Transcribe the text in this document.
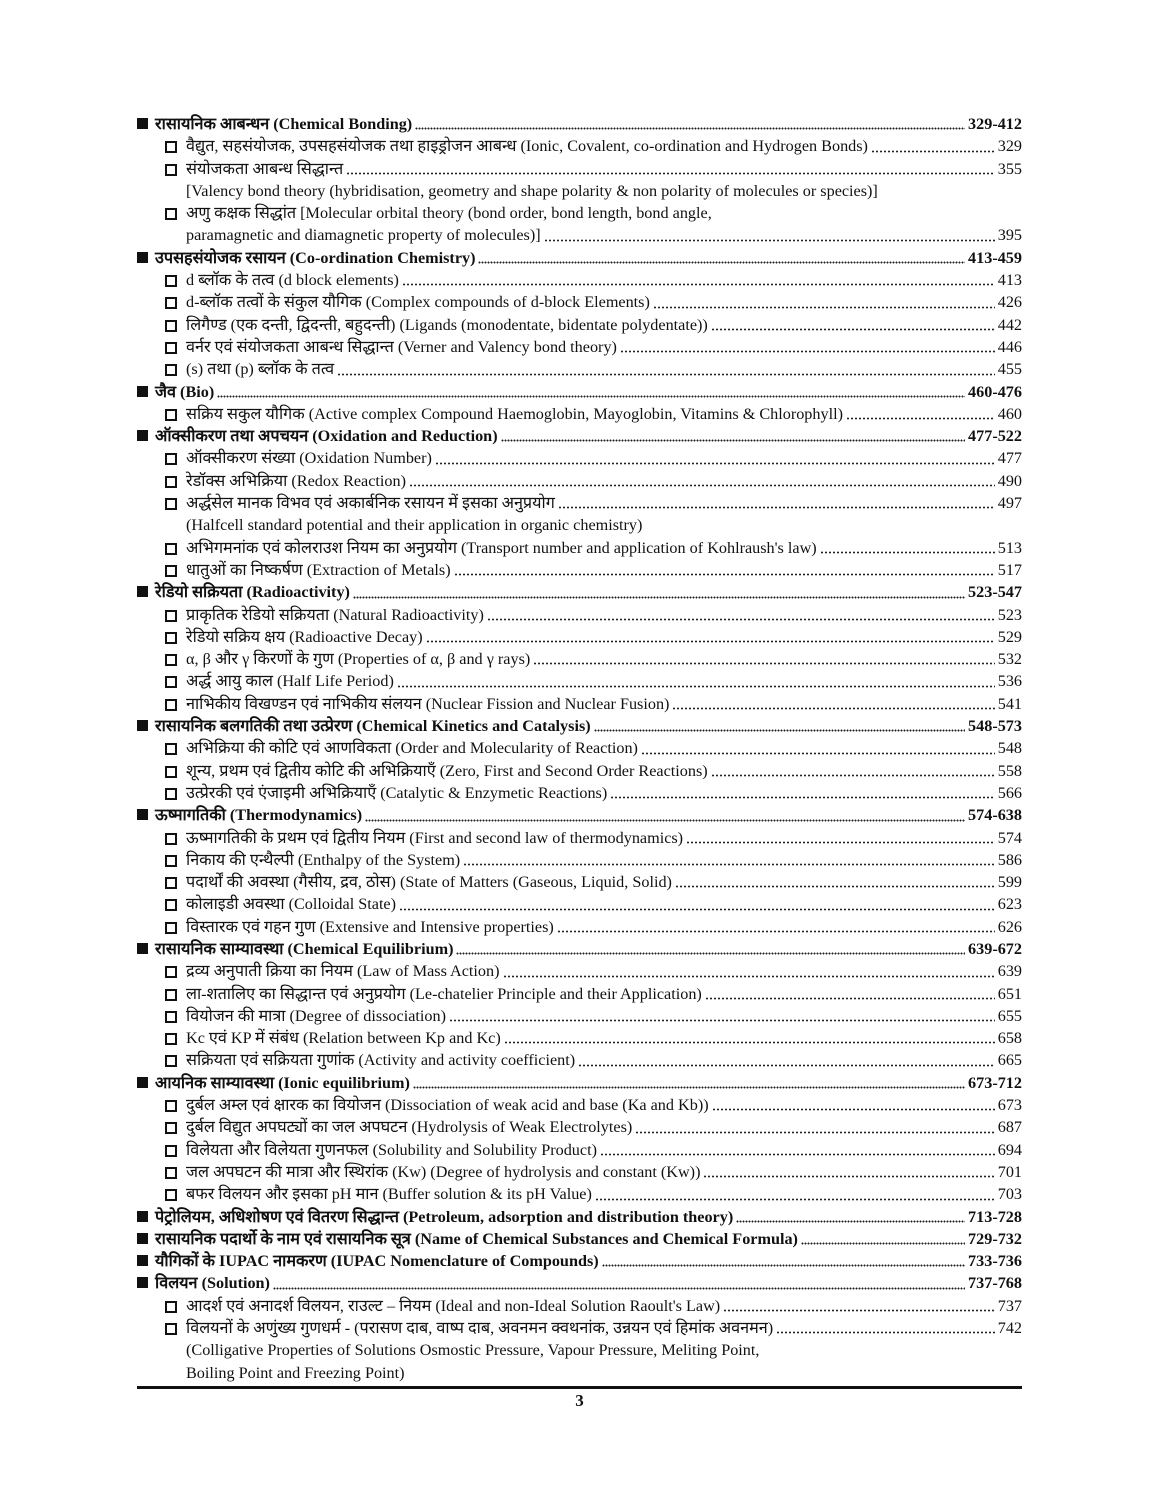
रासायनिक आबन्धन (Chemical Bonding)	329-412
वैद्युत, सहसंयोजक, उपसहसंयोजक तथा हाइड्रोजन आबन्ध (Ionic, Covalent, co-ordination and Hydrogen Bonds)	329
संयोजकता आबन्ध सिद्धान्त	355
[Valency bond theory (hybridisation, geometry and shape polarity & non polarity of molecules or species)]
अणु कक्षक सिद्धांत [Molecular orbital theory (bond order, bond length, bond angle,
paramagnetic and diamagnetic property of molecules)]	395
उपसहसंयोजक रसायन (Co-ordination Chemistry)	413-459
d ब्लॉक के तत्व (d block elements)	413
d-ब्लॉक तत्वों के संकुल यौगिक (Complex compounds of d-block Elements)	426
लिगैण्ड (एक दन्ती, द्विदन्ती, बहुदन्ती) (Ligands (monodentate, bidentate polydentate))	442
वर्नर एवं संयोजकता आबन्ध सिद्धान्त (Verner and Valency bond theory)	446
(s) तथा (p) ब्लॉक के तत्व	455
जैव (Bio)	460-476
सक्रिय सकुल यौगिक (Active complex Compound Haemoglobin, Mayoglobin, Vitamins & Chlorophyll)	460
ऑक्सीकरण तथा अपचयन (Oxidation and Reduction)	477-522
ऑक्सीकरण संख्या (Oxidation Number)	477
रेडॉक्स अभिक्रिया (Redox Reaction)	490
अर्द्धसेल मानक विभव एवं अकार्बनिक रसायन में इसका अनुप्रयोग	497
(Halfcell standard potential and their application in organic chemistry)
अभिगमनांक एवं कोलराउश नियम का अनुप्रयोग (Transport number and application of Kohlraush's law)	513
धातुओं का निष्कर्षण (Extraction of Metals)	517
रेडियो सक्रियता (Radioactivity)	523-547
प्राकृतिक रेडियो सक्रियता (Natural Radioactivity)	523
रेडियो सक्रिय क्षय (Radioactive Decay)	529
α, β और γ किरणों के गुण (Properties of α, β and γ rays)	532
अर्द्ध आयु काल (Half Life Period)	536
नाभिकीय विखण्डन एवं नाभिकीय संलयन (Nuclear Fission and Nuclear Fusion)	541
रासायनिक बलगतिकी तथा उत्प्रेरण (Chemical Kinetics and Catalysis)	548-573
अभिक्रिया की कोटि एवं आणविकता (Order and Molecularity of Reaction)	548
शून्य, प्रथम एवं द्वितीय कोटि की अभिक्रियाएँ (Zero, First and Second Order Reactions)	558
उत्प्रेरकी एवं एंजाइमी अभिक्रियाएँ (Catalytic & Enzymetic Reactions)	566
ऊष्मागतिकी (Thermodynamics)	574-638
ऊष्मागतिकी के प्रथम एवं द्वितीय नियम (First and second law of thermodynamics)	574
निकाय की एन्थैल्पी (Enthalpy of the System)	586
पदार्थों की अवस्था (गैसीय, द्रव, ठोस) (State of Matters (Gaseous, Liquid, Solid)	599
कोलाइडी अवस्था (Colloidal State)	623
विस्तारक एवं गहन गुण (Extensive and Intensive properties)	626
रासायनिक साम्यावस्था (Chemical Equilibrium)	639-672
द्रव्य अनुपाती क्रिया का नियम (Law of Mass Action)	639
ला-शतालिए का सिद्धान्त एवं अनुप्रयोग (Le-chatelier Principle and their Application)	651
वियोजन की मात्रा (Degree of dissociation)	655
Kc एवं KP में संबंध (Relation between Kp and Kc)	658
सक्रियता एवं सक्रियता गुणांक (Activity and activity coefficient)	665
आयनिक साम्यावस्था (Ionic equilibrium)	673-712
दुर्बल अम्ल एवं क्षारक का वियोजन (Dissociation of weak acid and base (Ka and Kb))	673
दुर्बल विद्युत अपघट्यों का जल अपघटन (Hydrolysis of Weak Electrolytes)	687
विलेयता और विलेयता गुणनफल (Solubility and Solubility Product)	694
जल अपघटन की मात्रा और स्थिरांक (Kw) (Degree of hydrolysis and constant (Kw))	701
बफर विलयन और इसका pH मान (Buffer solution & its pH Value)	703
पेट्रोलियम, अधिशोषण एवं वितरण सिद्धान्त (Petroleum, adsorption and distribution theory)	713-728
रासायनिक पदार्थो के नाम एवं रासायनिक सूत्र (Name of Chemical Substances and Chemical Formula)	729-732
यौगिकों के IUPAC नामकरण (IUPAC Nomenclature of Compounds)	733-736
विलयन (Solution)	737-768
आदर्श एवं अनादर्श विलयन, राउल्ट – नियम (Ideal and non-Ideal Solution Raoult's Law)	737
विलयनों के अणुंख्य गुणधर्म - (परासण दाब, वाष्प दाब, अवनमन क्वथनांक, उन्नयन एवं हिमांक अवनमन)	742
(Colligative Properties of Solutions Osmostic Pressure, Vapour Pressure, Meliting Point,
Boiling Point and Freezing Point)
3
